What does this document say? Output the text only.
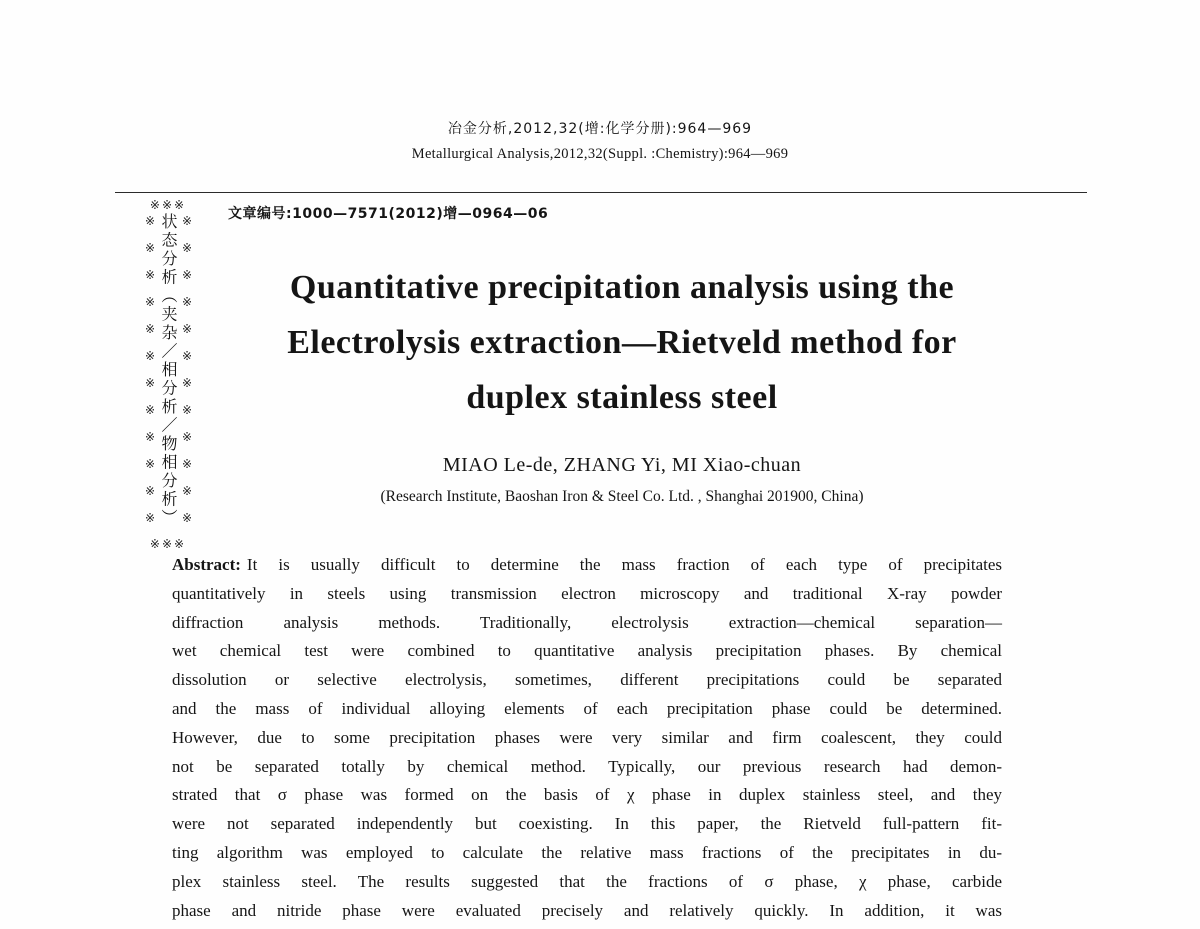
冶金分析,2012,32(增:化学分册):964—969
Metallurgical Analysis,2012,32(Suppl. :Chemistry):964—969
文章编号:1000—7571(2012)增—0964—06
※※※
※※※※※※※※※※※※ 状态分析（夹杂／相分析／物相分析） ※※※※※※※※※※※※
※※※
Quantitative precipitation analysis using the
Electrolysis extraction—Rietveld method for
duplex stainless steel
MIAO Le-de, ZHANG Yi, MI Xiao-chuan
(Research Institute, Baoshan Iron & Steel Co. Ltd. , Shanghai 201900, China)
Abstract: It is usually difficult to determine the mass fraction of each type of precipitates
quantitatively in steels using transmission electron microscopy and traditional X-ray powder
diffraction analysis methods. Traditionally, electrolysis extraction—chemical separation—
wet chemical test were combined to quantitative analysis precipitation phases. By chemical
dissolution or selective electrolysis, sometimes, different precipitations could be separated
and the mass of individual alloying elements of each precipitation phase could be determined.
However, due to some precipitation phases were very similar and firm coalescent, they could
not be separated totally by chemical method. Typically, our previous research had demon-
strated that σ phase was formed on the basis of χ phase in duplex stainless steel, and they
were not separated independently but coexisting. In this paper, the Rietveld full-pattern fit-
ting algorithm was employed to calculate the relative mass fractions of the precipitates in du-
plex stainless steel. The results suggested that the fractions of σ phase, χ phase, carbide
phase and nitride phase were evaluated precisely and relatively quickly. In addition, it was
